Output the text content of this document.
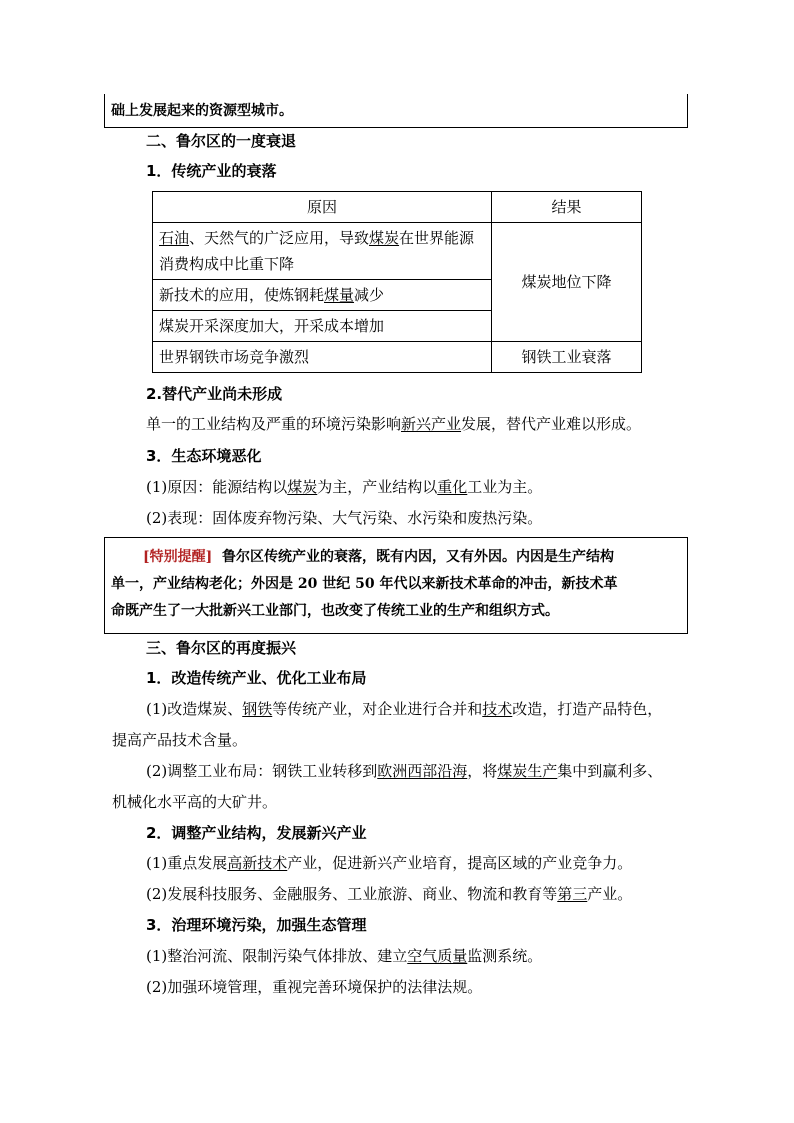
础上发展起来的资源型城市。
二、鲁尔区的一度衰退
1．传统产业的衰落
原因	结果
石油、天然气的广泛应用，导致煤炭在世界能源消费构成中比重下降	煤炭地位下降
新技术的应用，使炼钢耗煤量减少	
煤炭开采深度加大，开采成本增加	
世界钢铁市场竞争激烈	钢铁工业衰落
2.替代产业尚未形成
单一的工业结构及严重的环境污染影响新兴产业发展，替代产业难以形成。
3．生态环境恶化
(1)原因：能源结构以煤炭为主，产业结构以重化工业为主。
(2)表现：固体废弃物污染、大气污染、水污染和废热污染。
[特别提醒] 鲁尔区传统产业的衰落，既有内因，又有外因。内因是生产结构
单一，产业结构老化；外因是 20 世纪 50 年代以来新技术革命的冲击，新技术革
命既产生了一大批新兴工业部门，也改变了传统工业的生产和组织方式。
三、鲁尔区的再度振兴
1．改造传统产业、优化工业布局
(1)改造煤炭、钢铁等传统产业，对企业进行合并和技术改造，打造产品特色，
提高产品技术含量。
(2)调整工业布局：钢铁工业转移到欧洲西部沿海，将煤炭生产集中到赢利多、
机械化水平高的大矿井。
2．调整产业结构，发展新兴产业
(1)重点发展高新技术产业，促进新兴产业培育，提高区域的产业竞争力。
(2)发展科技服务、金融服务、工业旅游、商业、物流和教育等第三产业。
3．治理环境污染，加强生态管理
(1)整治河流、限制污染气体排放、建立空气质量监测系统。
(2)加强环境管理，重视完善环境保护的法律法规。
